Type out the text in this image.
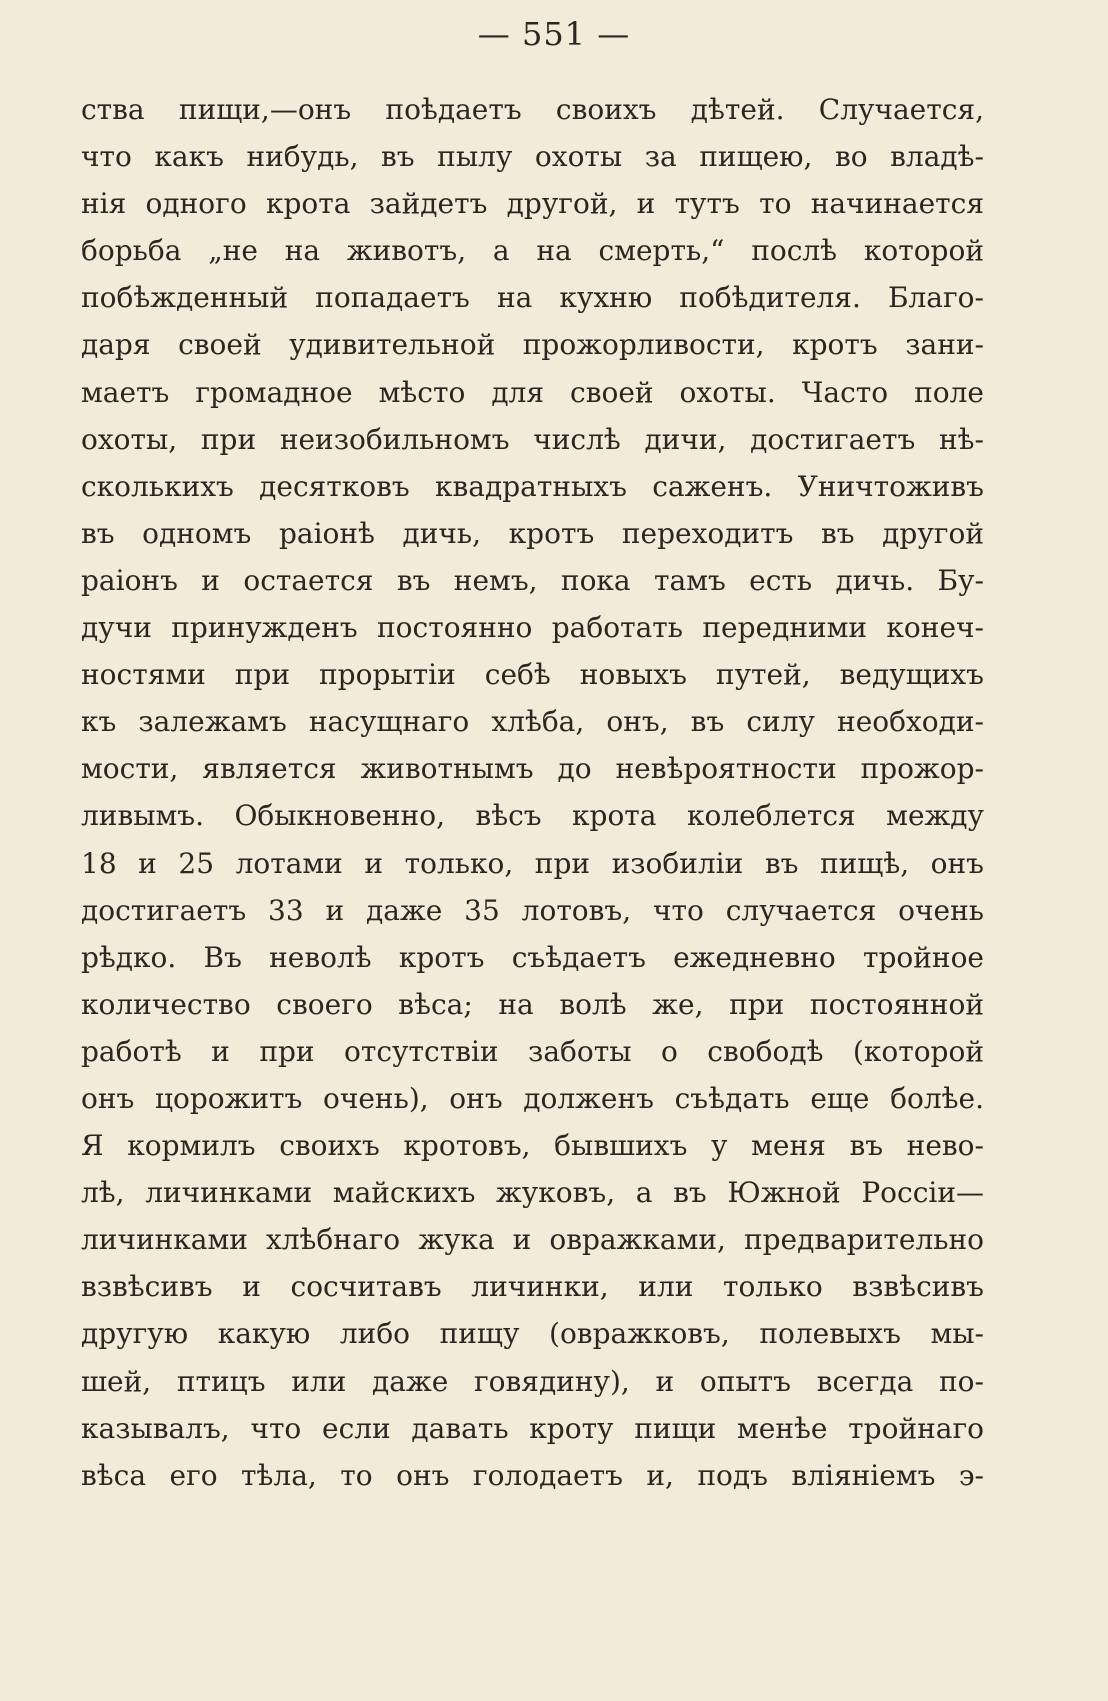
— 551 —
ства пищи,—онъ поѣдаетъ своихъ дѣтей. Случается,
что какъ нибудь, въ пылу охоты за пищею, во владѣ-
нія одного крота зайдетъ другой, и тутъ то начинается
борьба „не на животъ, а на смерть,“ послѣ которой
побѣжденный попадаетъ на кухню побѣдителя. Благо-
даря своей удивительной прожорливости, кротъ зани-
маетъ громадное мѣсто для своей охоты. Часто поле
охоты, при неизобильномъ числѣ дичи, достигаетъ нѣ-
сколькихъ десятковъ квадратныхъ саженъ. Уничтоживъ
въ одномъ раіонѣ дичь, кротъ переходитъ въ другой
раіонъ и остается въ немъ, пока тамъ есть дичь. Бу-
дучи принужденъ постоянно работать передними конеч-
ностями при прорытіи себѣ новыхъ путей, ведущихъ
къ залежамъ насущнаго хлѣба, онъ, въ силу необходи-
мости, является животнымъ до невѣроятности прожор-
ливымъ. Обыкновенно, вѣсъ крота колеблется между
18 и 25 лотами и только, при изобиліи въ пищѣ, онъ
достигаетъ 33 и даже 35 лотовъ, что случается очень
рѣдко. Въ неволѣ кротъ съѣдаетъ ежедневно тройное
количество своего вѣса; на волѣ же, при постоянной
работѣ и при отсутствіи заботы о свободѣ (которой
онъ цорожитъ очень), онъ долженъ съѣдать еще болѣе.
Я кормилъ своихъ кротовъ, бывшихъ у меня въ нево-
лѣ, личинками майскихъ жуковъ, а въ Южной Россіи—
личинками хлѣбнаго жука и овражками, предварительно
взвѣсивъ и сосчитавъ личинки, или только взвѣсивъ
другую какую либо пищу (овражковъ, полевыхъ мы-
шей, птицъ или даже говядину), и опытъ всегда по-
казывалъ, что если давать кроту пищи менѣе тройнаго
вѣса его тѣла, то онъ голодаетъ и, подъ вліяніемъ э-
